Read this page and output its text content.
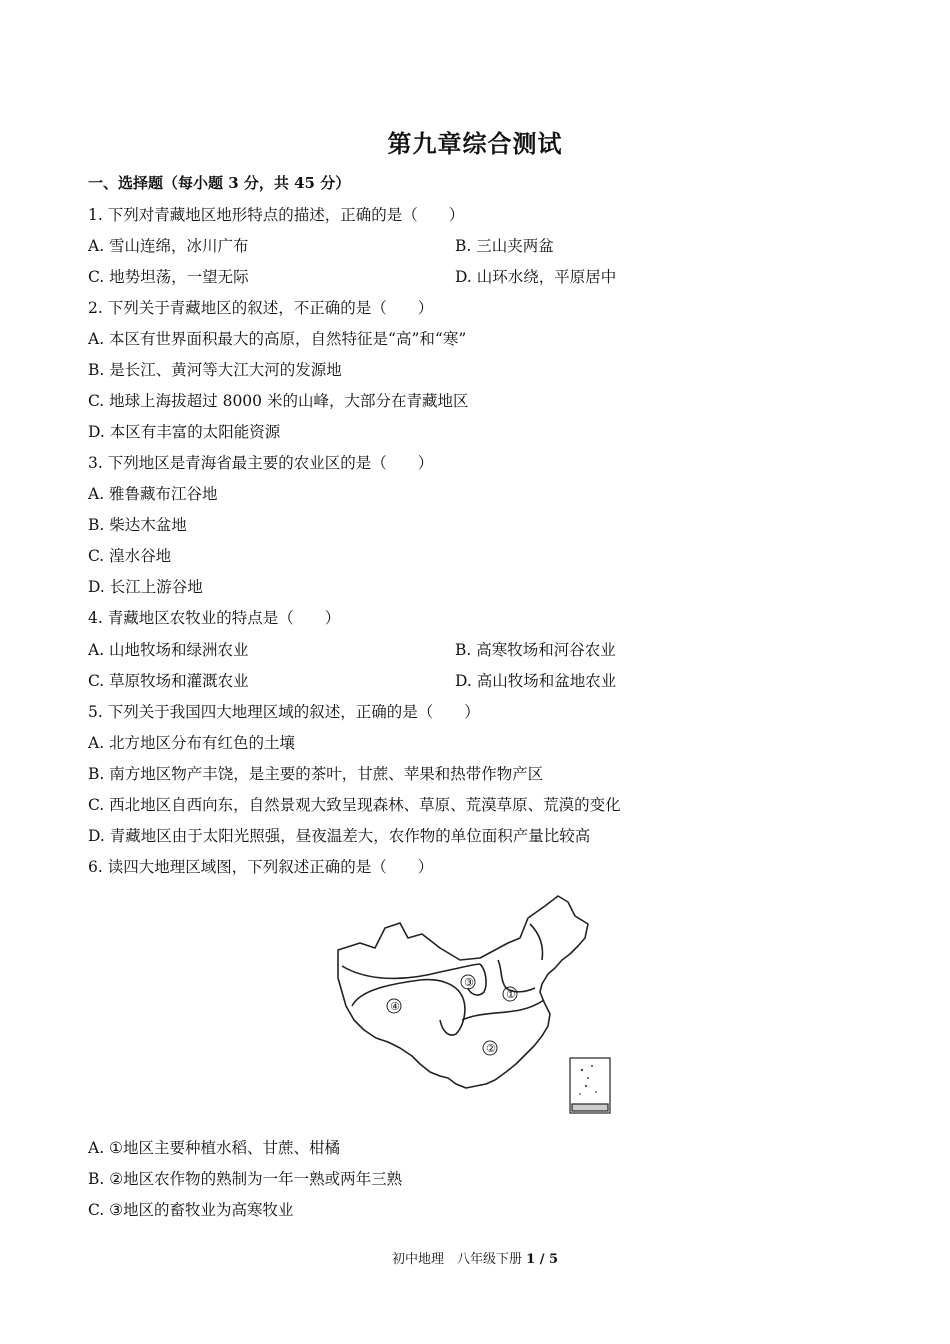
第九章综合测试
一、选择题（每小题 3 分，共 45 分）
1. 下列对青藏地区地形特点的描述，正确的是（　　）
A. 雪山连绵，冰川广布	B. 三山夹两盆
C. 地势坦荡，一望无际	D. 山环水绕，平原居中
2. 下列关于青藏地区的叙述，不正确的是（　　）
A. 本区有世界面积最大的高原，自然特征是“高”和“寒”
B. 是长江、黄河等大江大河的发源地
C. 地球上海拔超过 8000 米的山峰，大部分在青藏地区
D. 本区有丰富的太阳能资源
3. 下列地区是青海省最主要的农业区的是（　　）
A. 雅鲁藏布江谷地
B. 柴达木盆地
C. 湟水谷地
D. 长江上游谷地
4. 青藏地区农牧业的特点是（　　）
A. 山地牧场和绿洲农业	B. 高寒牧场和河谷农业
C. 草原牧场和灌溉农业	D. 高山牧场和盆地农业
5. 下列关于我国四大地理区域的叙述，正确的是（　　）
A. 北方地区分布有红色的土壤
B. 南方地区物产丰饶，是主要的茶叶，甘蔗、苹果和热带作物产区
C. 西北地区自西向东，自然景观大致呈现森林、草原、荒漠草原、荒漠的变化
D. 青藏地区由于太阳光照强，昼夜温差大，农作物的单位面积产量比较高
6. 读四大地理区域图，下列叙述正确的是（　　）
④
③
①
②
A. ①地区主要种植水稻、甘蔗、柑橘
B. ②地区农作物的熟制为一年一熟或两年三熟
C. ③地区的畜牧业为高寒牧业
初中地理　八年级下册 1 / 5
